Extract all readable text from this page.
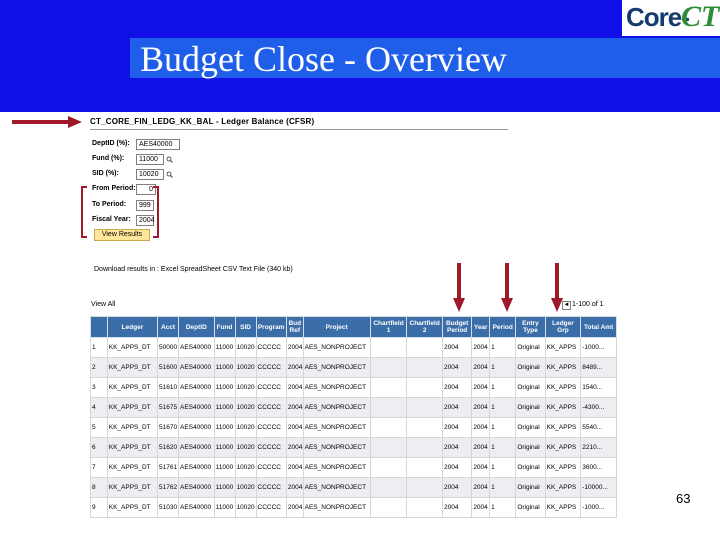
Budget Close - Overview
Core-
CT
CT_CORE_FIN_LEDG_KK_BAL - Ledger Balance (CFSR)
DeptID (%):	AES40000
Fund (%):	11000
SID (%):	10020
From Period:	0
To Period:	999
Fiscal Year:	2004
View Results
Download results in : Excel SpreadSheet CSV Text File (340 kb)
View All	◄ 1-100 of 1
	Ledger	Acct	DeptID	Fund	SID	Program	Bud Ref	Project	Chartfield 1	Chartfield 2	Budget Period	Year	Period	Entry Type	Ledger Grp	Total Amt
1	KK_APPS_DT	50000	AES40000	11000	10020	CCCCC	2004	AES_NONPROJECT			2004	2004	1	Original	KK_APPS	-1000...
2	KK_APPS_DT	51600	AES40000	11000	10020	CCCCC	2004	AES_NONPROJECT			2004	2004	1	Original	KK_APPS	8489...
3	KK_APPS_DT	51610	AES40000	11000	10020	CCCCC	2004	AES_NONPROJECT			2004	2004	1	Original	KK_APPS	1540...
4	KK_APPS_DT	51675	AES40000	11000	10020	CCCCC	2004	AES_NONPROJECT			2004	2004	1	Original	KK_APPS	-4300...
5	KK_APPS_DT	51670	AES40000	11000	10020	CCCCC	2004	AES_NONPROJECT			2004	2004	1	Original	KK_APPS	5540...
6	KK_APPS_DT	51620	AES40000	11000	10020	CCCCC	2004	AES_NONPROJECT			2004	2004	1	Original	KK_APPS	2210...
7	KK_APPS_DT	51761	AES40000	11000	10020	CCCCC	2004	AES_NONPROJECT			2004	2004	1	Original	KK_APPS	3600...
8	KK_APPS_DT	51762	AES40000	11000	10020	CCCCC	2004	AES_NONPROJECT			2004	2004	1	Original	KK_APPS	-10000...
9	KK_APPS_DT	51030	AES40000	11000	10020	CCCCC	2004	AES_NONPROJECT			2004	2004	1	Original	KK_APPS	-1000...
63
